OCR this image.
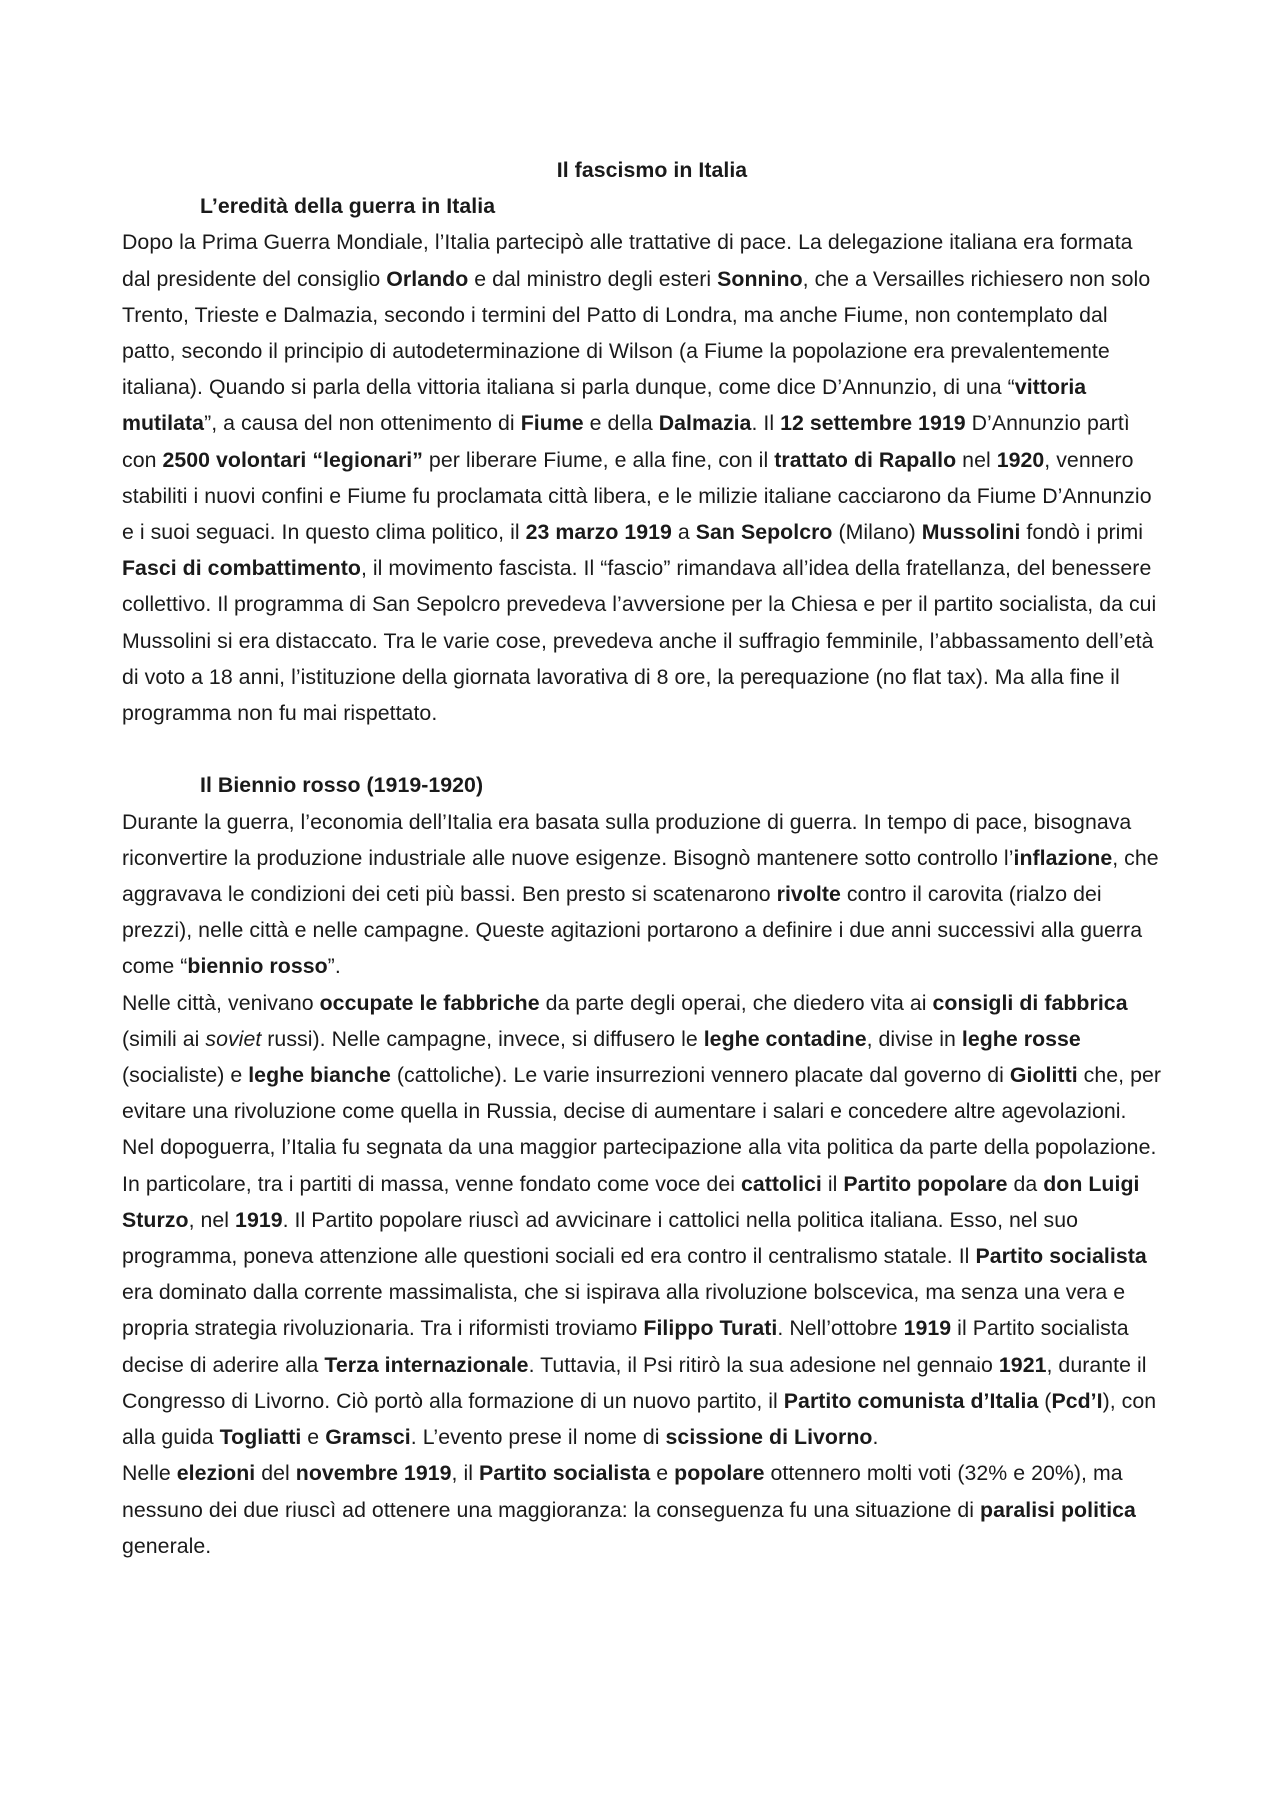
Il fascismo in Italia
L’eredità della guerra in Italia

Dopo la Prima Guerra Mondiale, l’Italia partecipò alle trattative di pace. La delegazione italiana era formata dal presidente del consiglio Orlando e dal ministro degli esteri Sonnino, che a Versailles richiesero non solo Trento, Trieste e Dalmazia, secondo i termini del Patto di Londra, ma anche Fiume, non contemplato dal patto, secondo il principio di autodeterminazione di Wilson (a Fiume la popolazione era prevalentemente italiana). Quando si parla della vittoria italiana si parla dunque, come dice D’Annunzio, di una “vittoria mutilata”, a causa del non ottenimento di Fiume e della Dalmazia. Il 12 settembre 1919 D’Annunzio partì con 2500 volontari “legionari” per liberare Fiume, e alla fine, con il trattato di Rapallo nel 1920, vennero stabiliti i nuovi confini e Fiume fu proclamata città libera, e le milizie italiane cacciarono da Fiume D’Annunzio e i suoi seguaci. In questo clima politico, il 23 marzo 1919 a San Sepolcro (Milano) Mussolini fondò i primi Fasci di combattimento, il movimento fascista. Il “fascio” rimandava all’idea della fratellanza, del benessere collettivo. Il programma di San Sepolcro prevedeva l’avversione per la Chiesa e per il partito socialista, da cui Mussolini si era distaccato. Tra le varie cose, prevedeva anche il suffragio femminile, l’abbassamento dell’età di voto a 18 anni, l’istituzione della giornata lavorativa di 8 ore, la perequazione (no flat tax). Ma alla fine il programma non fu mai rispettato.

Il Biennio rosso (1919-1920)

Durante la guerra, l’economia dell’Italia era basata sulla produzione di guerra. In tempo di pace, bisognava riconvertire la produzione industriale alle nuove esigenze. Bisognò mantenere sotto controllo l’inflazione, che aggravava le condizioni dei ceti più bassi. Ben presto si scatenarono rivolte contro il carovita (rialzo dei prezzi), nelle città e nelle campagne. Queste agitazioni portarono a definire i due anni successivi alla guerra come “biennio rosso”.

Nelle città, venivano occupate le fabbriche da parte degli operai, che diedero vita ai consigli di fabbrica (simili ai soviet russi). Nelle campagne, invece, si diffusero le leghe contadine, divise in leghe rosse (socialiste) e leghe bianche (cattoliche). Le varie insurrezioni vennero placate dal governo di Giolitti che, per evitare una rivoluzione come quella in Russia, decise di aumentare i salari e concedere altre agevolazioni.

Nel dopoguerra, l’Italia fu segnata da una maggior partecipazione alla vita politica da parte della popolazione. In particolare, tra i partiti di massa, venne fondato come voce dei cattolici il Partito popolare da don Luigi Sturzo, nel 1919. Il Partito popolare riuscì ad avvicinare i cattolici nella politica italiana. Esso, nel suo programma, poneva attenzione alle questioni sociali ed era contro il centralismo statale. Il Partito socialista era dominato dalla corrente massimalista, che si ispirava alla rivoluzione bolscevica, ma senza una vera e propria strategia rivoluzionaria. Tra i riformisti troviamo Filippo Turati. Nell’ottobre 1919 il Partito socialista decise di aderire alla Terza internazionale. Tuttavia, il Psi ritirò la sua adesione nel gennaio 1921, durante il Congresso di Livorno. Ciò portò alla formazione di un nuovo partito, il Partito comunista d’Italia (Pcd’I), con alla guida Togliatti e Gramsci. L’evento prese il nome di scissione di Livorno.

Nelle elezioni del novembre 1919, il Partito socialista e popolare ottennero molti voti (32% e 20%), ma nessuno dei due riuscì ad ottenere una maggioranza: la conseguenza fu una situazione di paralisi politica generale.
